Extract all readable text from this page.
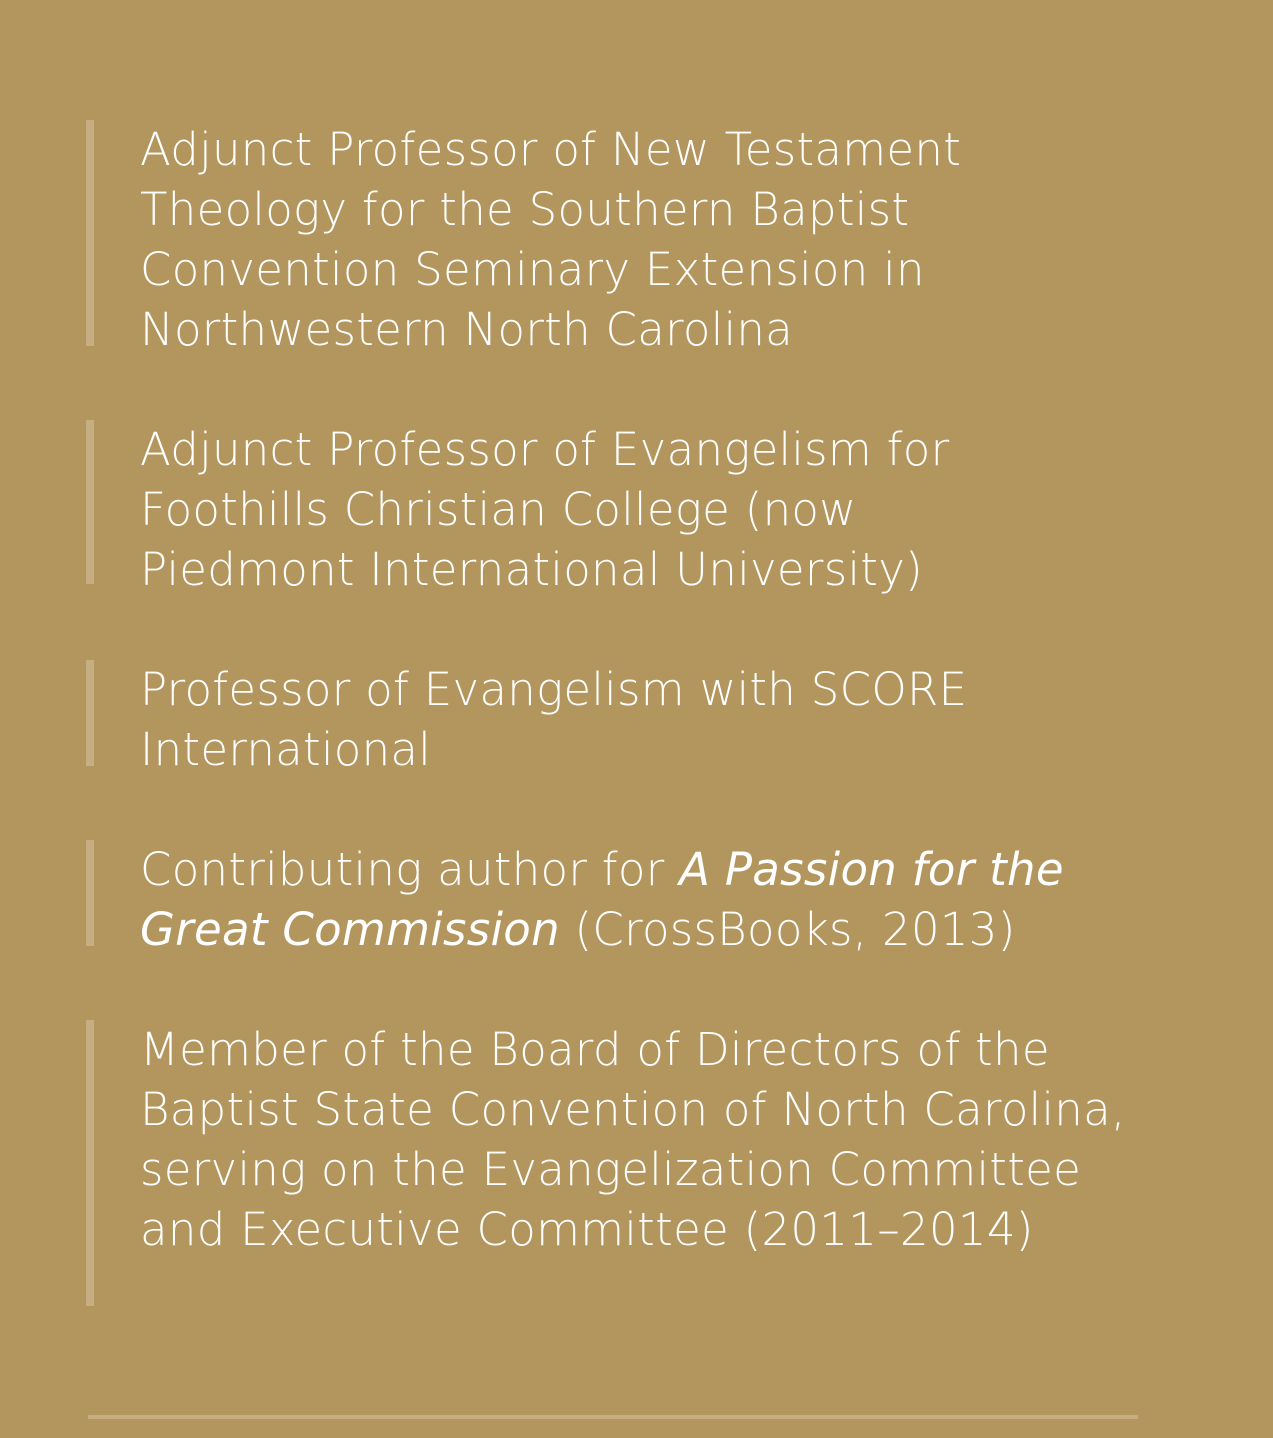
Adjunct Professor of New Testament Theology for the Southern Baptist Convention Seminary Extension in Northwestern North Carolina
Adjunct Professor of Evangelism for Foothills Christian College (now Piedmont International University)
Professor of Evangelism with SCORE International
Contributing author for A Passion for the Great Commission (CrossBooks, 2013)
Member of the Board of Directors of the Baptist State Convention of North Carolina, serving on the Evangelization Committee and Executive Committee (2011–2014)
